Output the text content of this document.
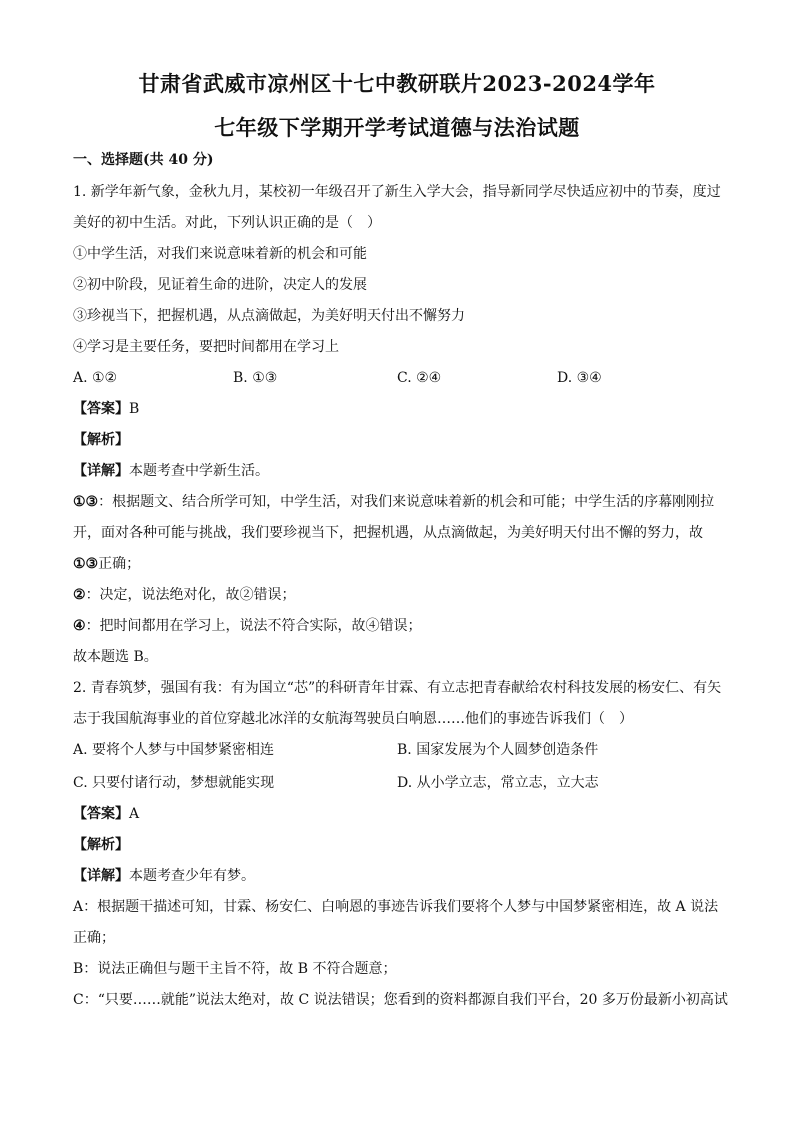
甘肃省武威市凉州区十七中教研联片2023-2024学年
七年级下学期开学考试道德与法治试题
一、选择题(共 40 分)
1. 新学年新气象，金秋九月，某校初一年级召开了新生入学大会，指导新同学尽快适应初中的节奏，度过
美好的初中生活。对此，下列认识正确的是（　）
①中学生活，对我们来说意味着新的机会和可能
②初中阶段，见证着生命的进阶，决定人的发展
③珍视当下，把握机遇，从点滴做起，为美好明天付出不懈努力
④学习是主要任务，要把时间都用在学习上
A. ①②	B. ①③	C. ②④	D. ③④
【答案】B
【解析】
【详解】本题考查中学新生活。
①③：根据题文、结合所学可知，中学生活，对我们来说意味着新的机会和可能；中学生活的序幕刚刚拉
开，面对各种可能与挑战，我们要珍视当下，把握机遇，从点滴做起，为美好明天付出不懈的努力，故
①③正确；
②：决定，说法绝对化，故②错误；
④：把时间都用在学习上，说法不符合实际，故④错误；
故本题选 B。
2. 青春筑梦，强国有我：有为国立“芯”的科研青年甘霖、有立志把青春献给农村科技发展的杨安仁、有矢
志于我国航海事业的首位穿越北冰洋的女航海驾驶员白响恩……他们的事迹告诉我们（　）
A. 要将个人梦与中国梦紧密相连	B. 国家发展为个人圆梦创造条件
C. 只要付诸行动，梦想就能实现	D. 从小学立志，常立志，立大志
【答案】A
【解析】
【详解】本题考查少年有梦。
A：根据题干描述可知，甘霖、杨安仁、白响恩的事迹告诉我们要将个人梦与中国梦紧密相连，故 A 说法
正确；
B：说法正确但与题干主旨不符，故 B 不符合题意；
C：“只要……就能”说法太绝对，故 C 说法错误；您看到的资料都源自我们平台，20 多万份最新小初高试
